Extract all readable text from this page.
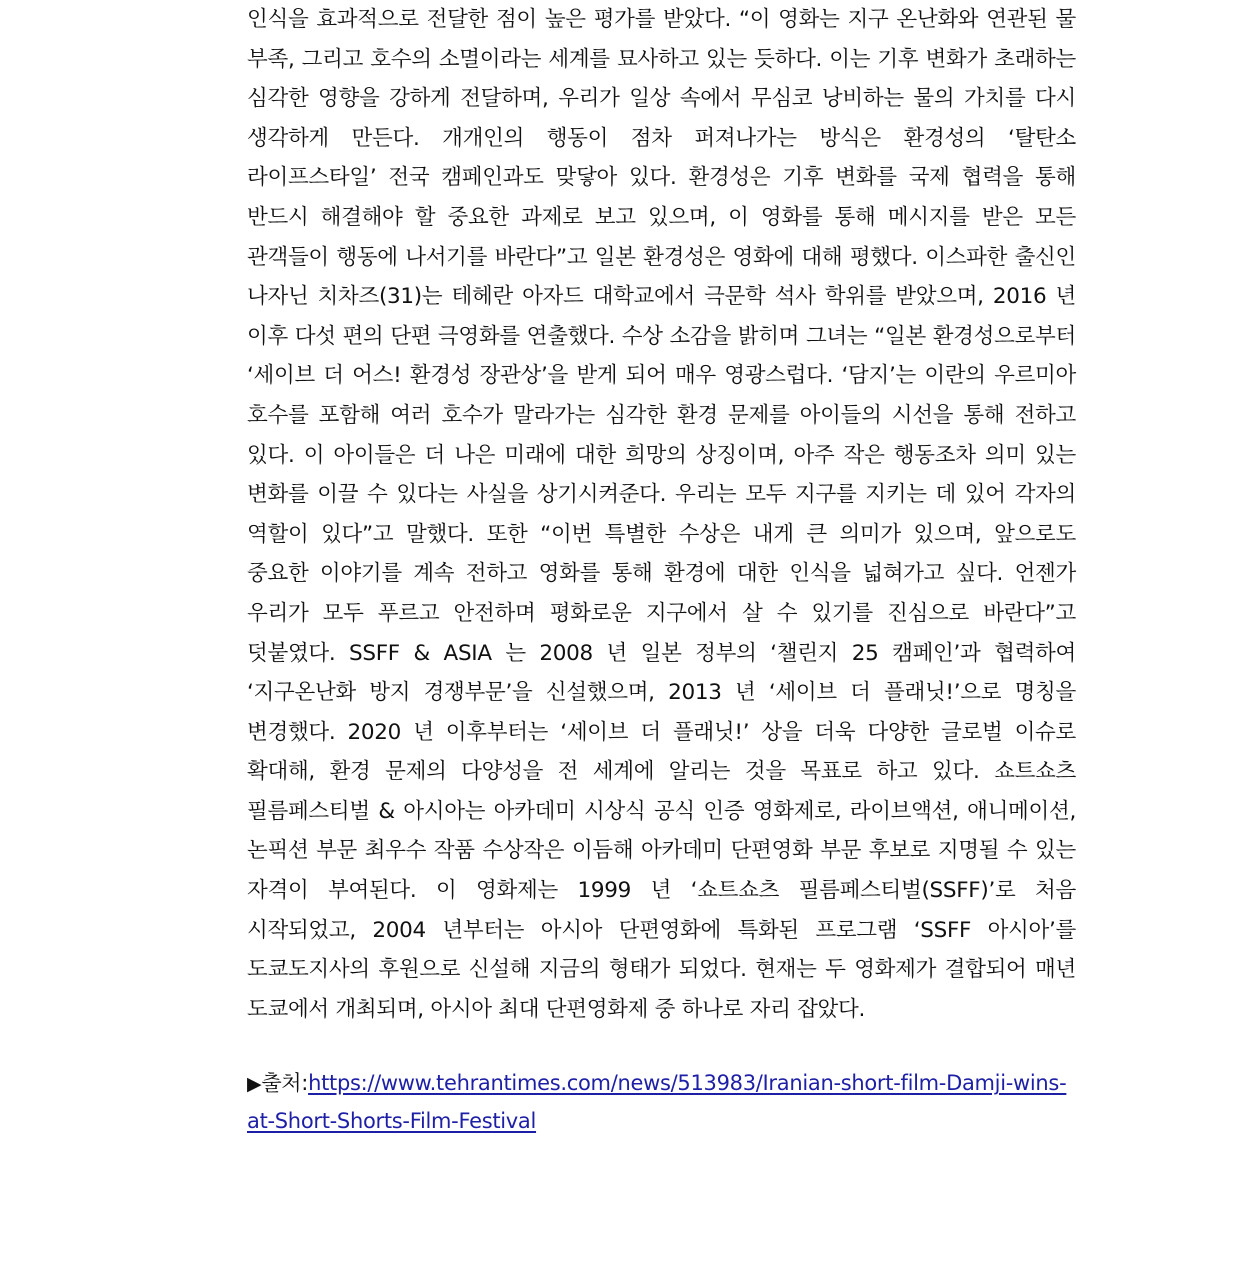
인식을 효과적으로 전달한 점이 높은 평가를 받았다. “이 영화는 지구 온난화와 연관된 물 부족, 그리고 호수의 소멸이라는 세계를 묘사하고 있는 듯하다. 이는 기후 변화가 초래하는 심각한 영향을 강하게 전달하며, 우리가 일상 속에서 무심코 낭비하는 물의 가치를 다시 생각하게 만든다. 개개인의 행동이 점차 퍼져나가는 방식은 환경성의 ‘탈탄소 라이프스타일’ 전국 캠페인과도 맞닿아 있다. 환경성은 기후 변화를 국제 협력을 통해 반드시 해결해야 할 중요한 과제로 보고 있으며, 이 영화를 통해 메시지를 받은 모든 관객들이 행동에 나서기를 바란다”고 일본 환경성은 영화에 대해 평했다. 이스파한 출신인 나자닌 치차즈(31)는 테헤란 아자드 대학교에서 극문학 석사 학위를 받았으며, 2016 년 이후 다섯 편의 단편 극영화를 연출했다. 수상 소감을 밝히며 그녀는 “일본 환경성으로부터 ‘세이브 더 어스! 환경성 장관상’을 받게 되어 매우 영광스럽다. ‘담지’는 이란의 우르미아 호수를 포함해 여러 호수가 말라가는 심각한 환경 문제를 아이들의 시선을 통해 전하고 있다. 이 아이들은 더 나은 미래에 대한 희망의 상징이며, 아주 작은 행동조차 의미 있는 변화를 이끌 수 있다는 사실을 상기시켜준다. 우리는 모두 지구를 지키는 데 있어 각자의 역할이 있다”고 말했다. 또한 “이번 특별한 수상은 내게 큰 의미가 있으며, 앞으로도 중요한 이야기를 계속 전하고 영화를 통해 환경에 대한 인식을 넓혀가고 싶다. 언젠가 우리가 모두 푸르고 안전하며 평화로운 지구에서 살 수 있기를 진심으로 바란다”고 덧붙였다. SSFF & ASIA 는 2008 년 일본 정부의 ‘챌린지 25 캠페인’과 협력하여 ‘지구온난화 방지 경쟁부문’을 신설했으며, 2013 년 ‘세이브 더 플래닛!’으로 명칭을 변경했다. 2020 년 이후부터는 ‘세이브 더 플래닛!’ 상을 더욱 다양한 글로벌 이슈로 확대해, 환경 문제의 다양성을 전 세계에 알리는 것을 목표로 하고 있다. 쇼트쇼츠 필름페스티벌 & 아시아는 아카데미 시상식 공식 인증 영화제로, 라이브액션, 애니메이션, 논픽션 부문 최우수 작품 수상작은 이듬해 아카데미 단편영화 부문 후보로 지명될 수 있는 자격이 부여된다. 이 영화제는 1999 년 ‘쇼트쇼츠 필름페스티벌(SSFF)’로 처음 시작되었고, 2004 년부터는 아시아 단편영화에 특화된 프로그램 ‘SSFF 아시아’를 도쿄도지사의 후원으로 신설해 지금의 형태가 되었다. 현재는 두 영화제가 결합되어 매년 도쿄에서 개최되며, 아시아 최대 단편영화제 중 하나로 자리 잡았다.

▶출처:https://www.tehrantimes.com/news/513983/Iranian-short-film-Damji-wins-at-Short-Shorts-Film-Festival
